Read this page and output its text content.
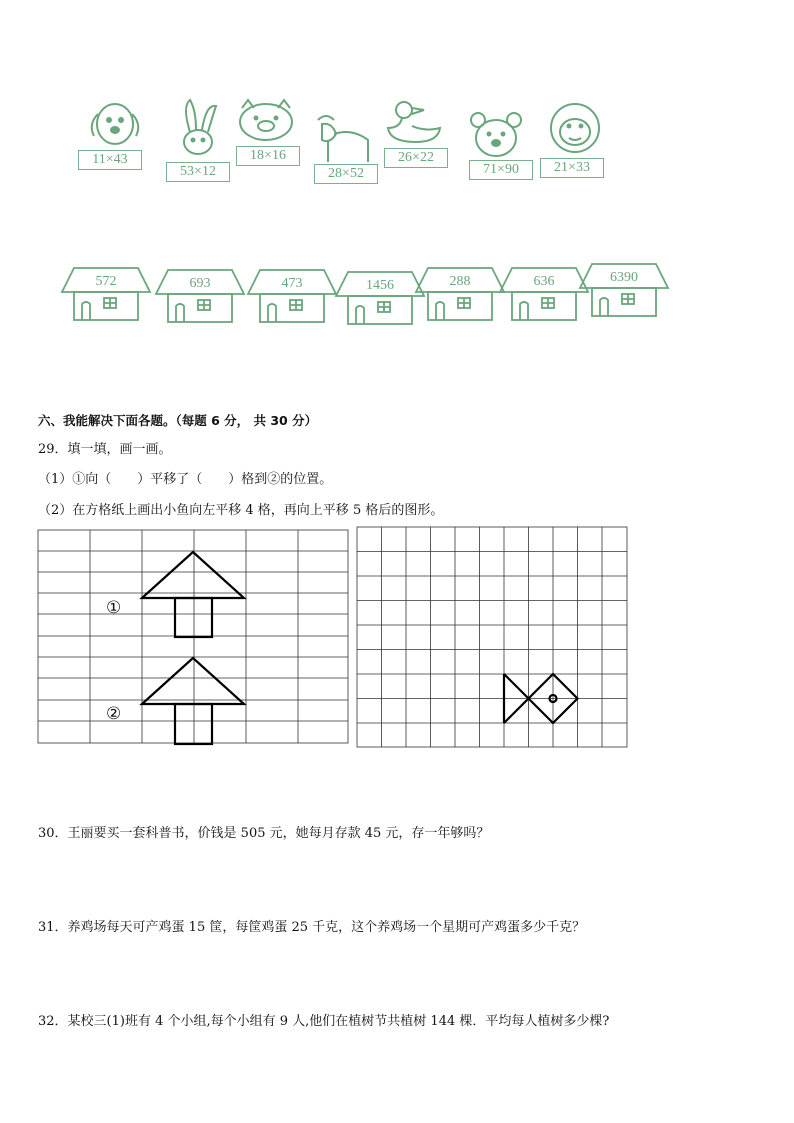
11×43
53×12
18×16
28×52
26×22
71×90	21×33
572	693	473	1456	288	636	6390
六、我能解决下面各题。（每题 6 分， 共 30 分）
29．填一填，画一画。
（1）①向（　　）平移了（　　）格到②的位置。
（2）在方格纸上画出小鱼向左平移 4 格，再向上平移 5 格后的图形。
①
②
30．王丽要买一套科普书，价钱是 505 元，她每月存款 45 元，存一年够吗？
31．养鸡场每天可产鸡蛋 15 筐，每筐鸡蛋 25 千克，这个养鸡场一个星期可产鸡蛋多少千克？
32．某校三(1)班有 4 个小组,每个小组有 9 人,他们在植树节共植树 144 棵．平均每人植树多少棵?
